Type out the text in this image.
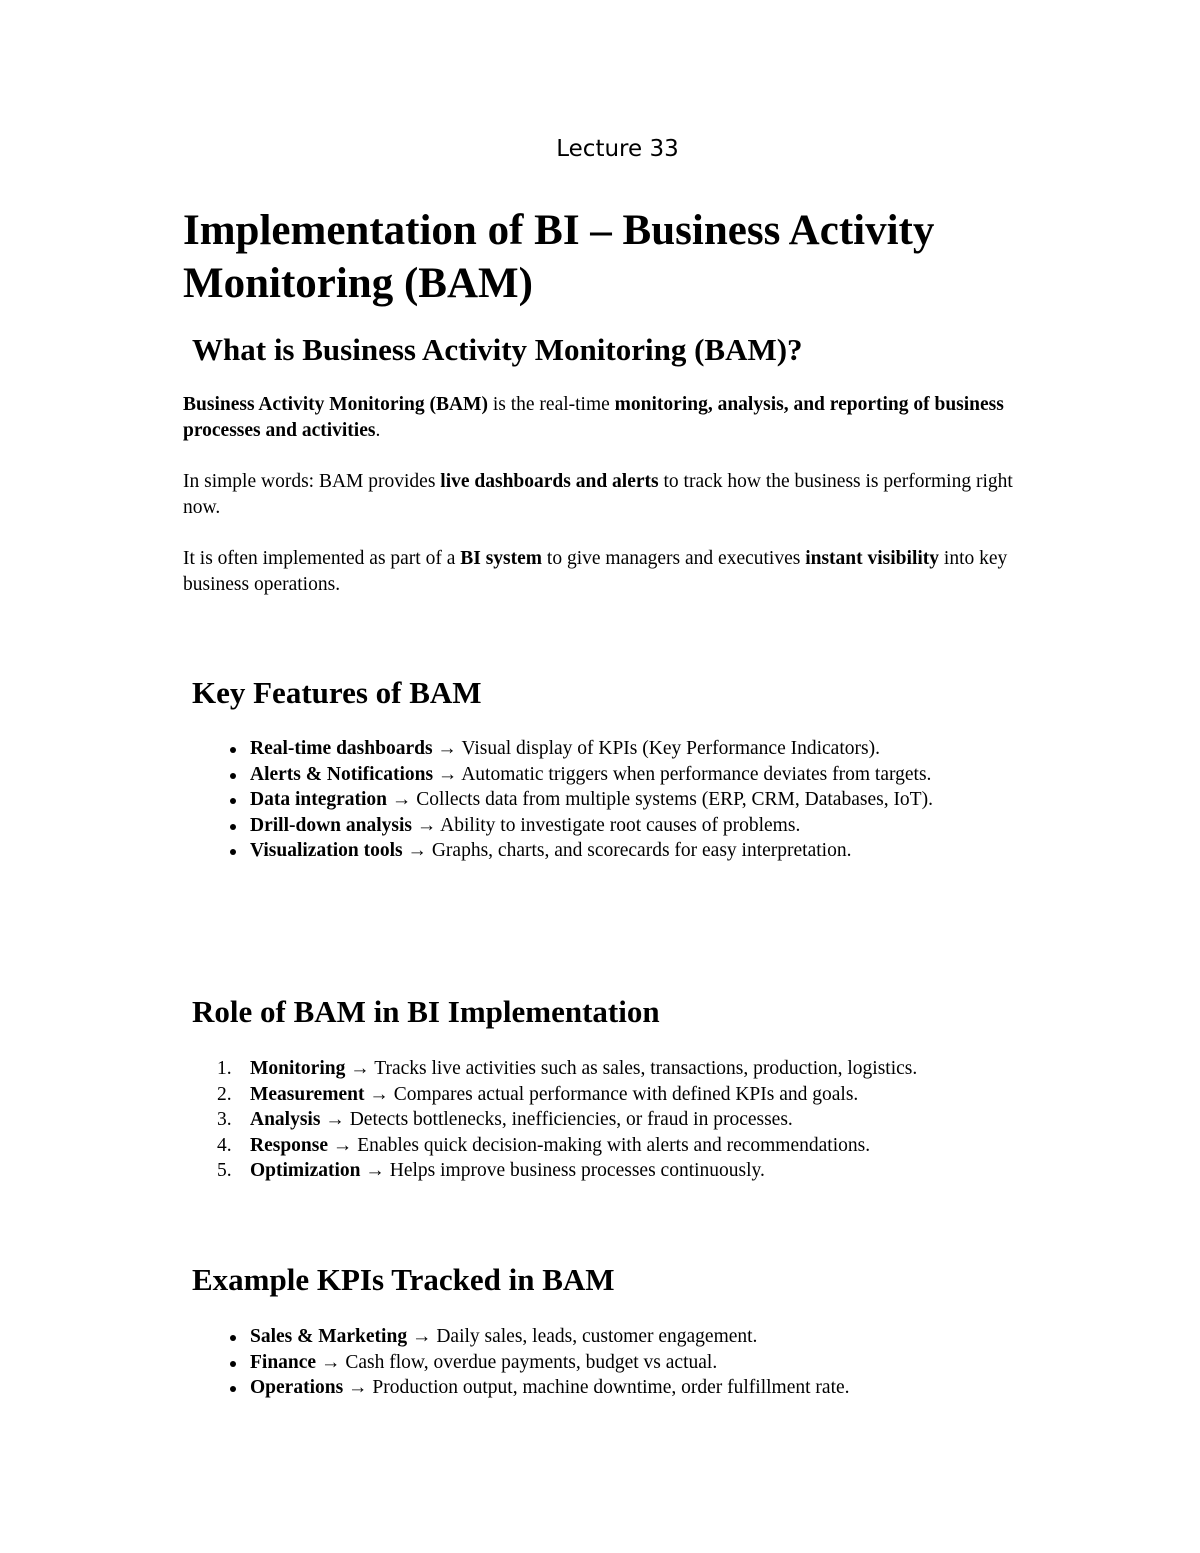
Lecture 33
Implementation of BI – Business Activity
Monitoring (BAM)
What is Business Activity Monitoring (BAM)?

Business Activity Monitoring (BAM) is the real-time monitoring, analysis, and reporting of business processes and activities.

In simple words: BAM provides live dashboards and alerts to track how the business is performing right now.

It is often implemented as part of a BI system to give managers and executives instant visibility into key business operations.

Key Features of BAM
Real-time dashboards → Visual display of KPIs (Key Performance Indicators).
Alerts & Notifications → Automatic triggers when performance deviates from targets.
Data integration → Collects data from multiple systems (ERP, CRM, Databases, IoT).
Drill-down analysis → Ability to investigate root causes of problems.
Visualization tools → Graphs, charts, and scorecards for easy interpretation.
Role of BAM in BI Implementation
1. Monitoring → Tracks live activities such as sales, transactions, production, logistics.
2. Measurement → Compares actual performance with defined KPIs and goals.
3. Analysis → Detects bottlenecks, inefficiencies, or fraud in processes.
4. Response → Enables quick decision-making with alerts and recommendations.
5. Optimization → Helps improve business processes continuously.
Example KPIs Tracked in BAM
Sales & Marketing → Daily sales, leads, customer engagement.
Finance → Cash flow, overdue payments, budget vs actual.
Operations → Production output, machine downtime, order fulfillment rate.
